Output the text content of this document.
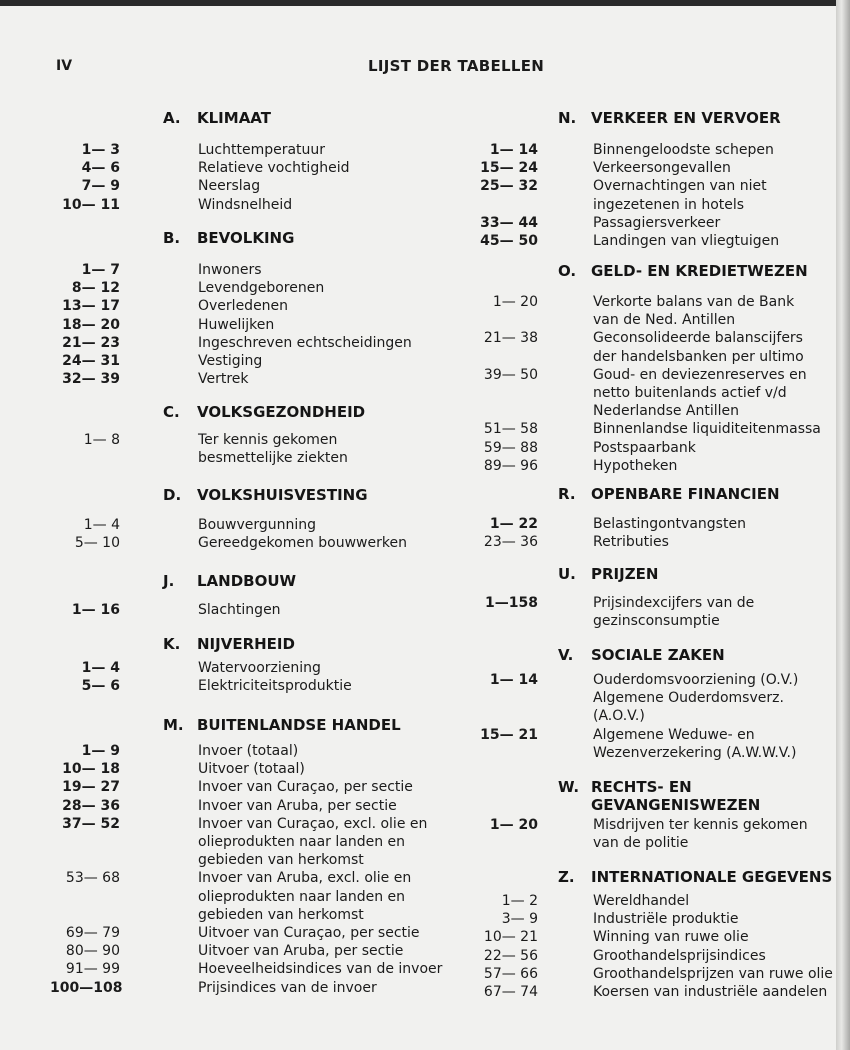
IV	LIJST DER TABELLEN
A. KLIMAAT
1— 3	Luchttemperatuur
4— 6	Relatieve vochtigheid
7— 9	Neerslag
10— 11	Windsnelheid
B. BEVOLKING
1— 7	Inwoners
8— 12	Levendgeborenen
13— 17	Overledenen
18— 20	Huwelijken
21— 23	Ingeschreven echtscheidingen
24— 31	Vestiging
32— 39	Vertrek
C. VOLKSGEZONDHEID
1— 8	Ter kennis gekomen
besmettelijke ziekten
D. VOLKSHUISVESTING
1— 4	Bouwvergunning
5— 10	Gereedgekomen bouwwerken
J. LANDBOUW
1— 16	Slachtingen
K. NIJVERHEID
1— 4	Watervoorziening
5— 6	Elektriciteitsproduktie
M. BUITENLANDSE HANDEL
1— 9	Invoer (totaal)
10— 18	Uitvoer (totaal)
19— 27	Invoer van Curaçao, per sectie
28— 36	Invoer van Aruba, per sectie
37— 52	Invoer van Curaçao, excl. olie en olieprodukten naar landen en gebieden van herkomst
53— 68	Invoer van Aruba, excl. olie en olieprodukten naar landen en gebieden van herkomst
69— 79	Uitvoer van Curaçao, per sectie
80— 90	Uitvoer van Aruba, per sectie
91— 99	Hoeveelheidsindices van de invoer
100—108	Prijsindices van de invoer
N. VERKEER EN VERVOER
1— 14	Binnengeloodste schepen
15— 24	Verkeersongevallen
25— 32	Overnachtingen van niet ingezetenen in hotels
33— 44	Passagiersverkeer
45— 50	Landingen van vliegtuigen
O. GELD- EN KREDIETWEZEN
1— 20	Verkorte balans van de Bank van de Ned. Antillen
21— 38	Geconsolideerde balanscijfers der handelsbanken per ultimo
39— 50	Goud- en deviezenreserves en netto buitenlands actief v/d Nederlandse Antillen
51— 58	Binnenlandse liquiditeitenmassa
59— 88	Postspaarbank
89— 96	Hypotheken
R. OPENBARE FINANCIEN
1— 22	Belastingontvangsten
23— 36	Retributies
U. PRIJZEN
1—158	Prijsindexcijfers van de gezinsconsumptie
V. SOCIALE ZAKEN
1— 14	Ouderdomsvoorziening (O.V.) Algemene Ouderdomsverz. (A.O.V.)
15— 21	Algemene Weduwe- en Wezenverzekering (A.W.W.V.)
W. RECHTS- EN GEVANGENISWEZEN
1— 20	Misdrijven ter kennis gekomen van de politie
Z. INTERNATIONALE GEGEVENS
1— 2	Wereldhandel
3— 9	Industriële produktie
10— 21	Winning van ruwe olie
22— 56	Groothandelsprijsindices
57— 66	Groothandelsprijzen van ruwe olie
67— 74	Koersen van industriële aandelen
